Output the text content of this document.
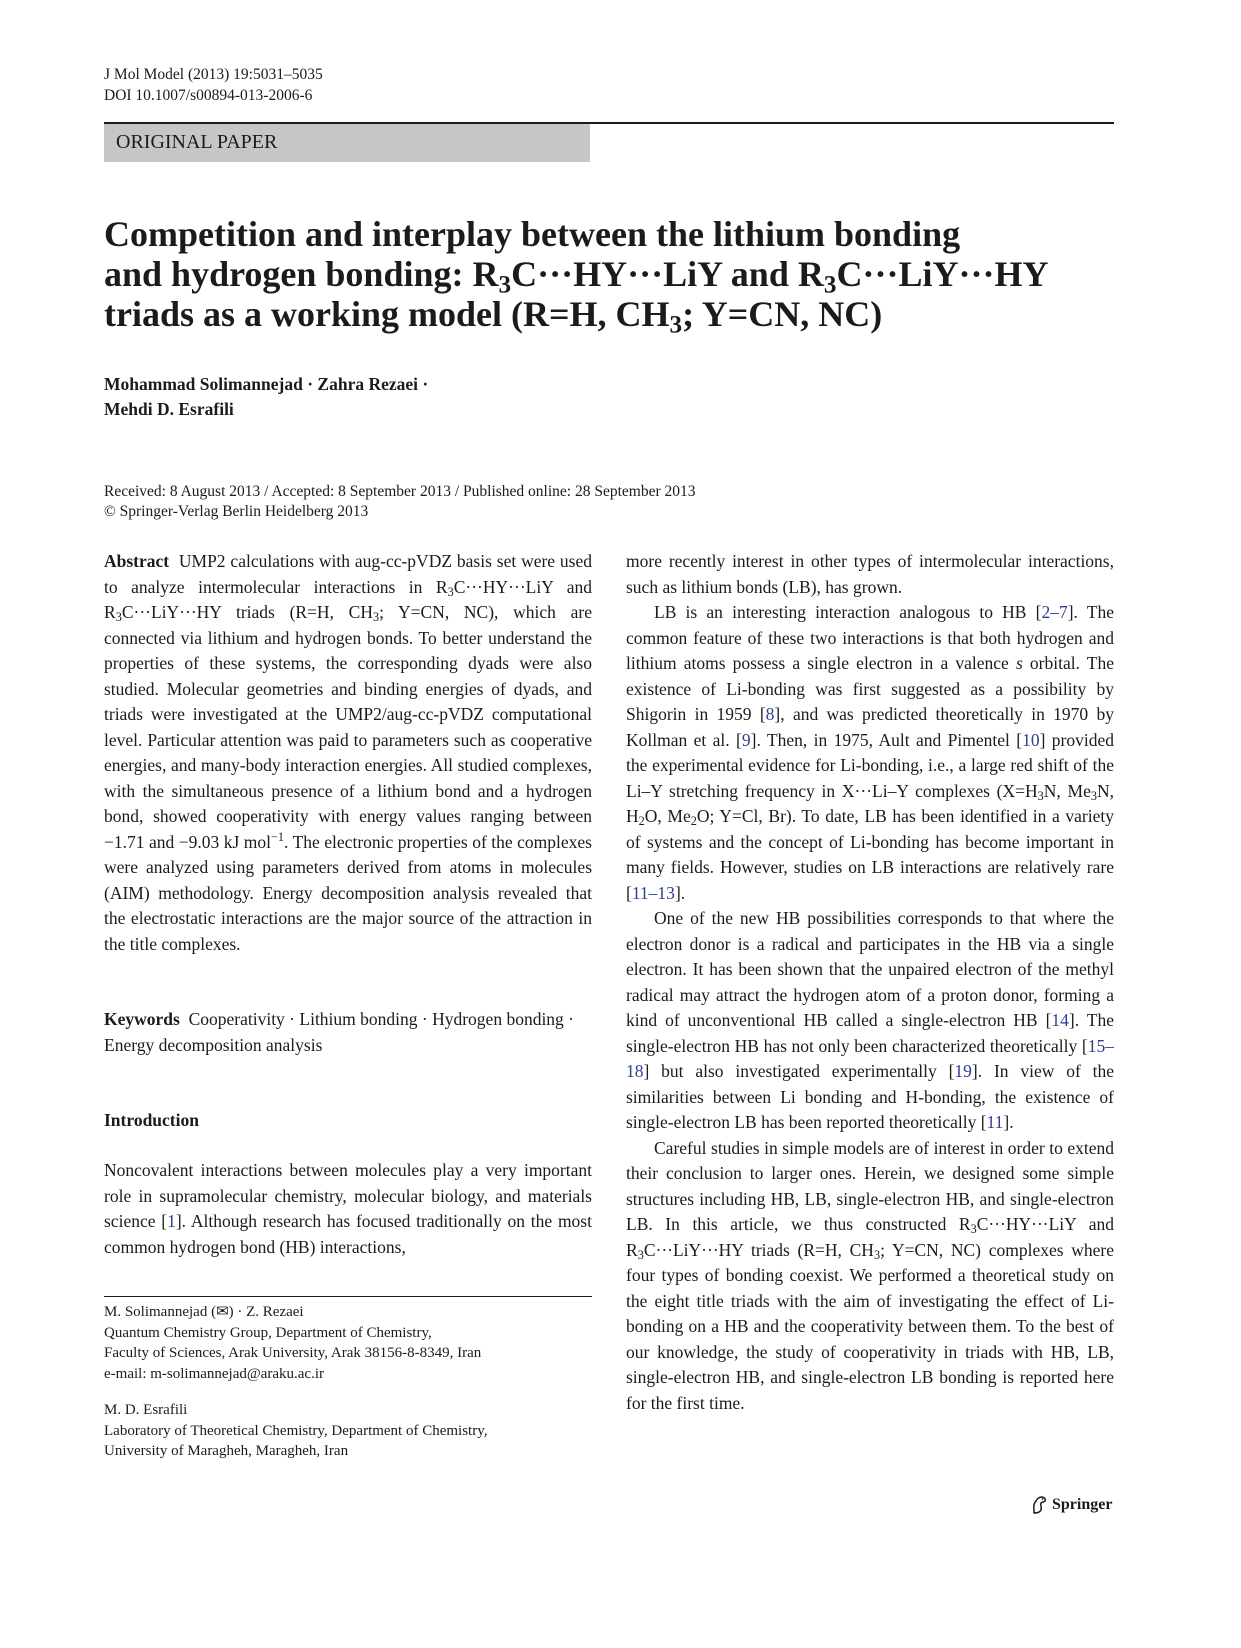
J Mol Model (2013) 19:5031–5035
DOI 10.1007/s00894-013-2006-6
ORIGINAL PAPER
Competition and interplay between the lithium bonding
and hydrogen bonding: $R_3C\cdot\cdot\cdot HY\cdot\cdot\cdot LiY$ and $R_3C\cdot\cdot\cdot LiY\cdot\cdot\cdot HY$
triads as a working model (R=H, $CH_3$; Y=CN, NC)
Mohammad Solimannejad · Zahra Rezaei ·
Mehdi D. Esrafili
Received: 8 August 2013 / Accepted: 8 September 2013 / Published online: 28 September 2013
© Springer-Verlag Berlin Heidelberg 2013

Abstract UMP2 calculations with aug-cc-pVDZ basis set were used to analyze intermolecular interactions in $R_3C\cdot\cdot\cdot HY\cdot\cdot\cdot LiY$ and $R_3C\cdot\cdot\cdot LiY\cdot\cdot\cdot HY$ triads (R=H, $CH_3$; Y=CN, NC), which are connected via lithium and hydrogen bonds. To better understand the properties of these systems, the corresponding dyads were also studied. Molecular geometries and binding energies of dyads, and triads were investigated at the UMP2/aug-cc-pVDZ computational level. Particular attention was paid to parameters such as cooperative energies, and many-body interaction energies. All studied complexes, with the simultaneous presence of a lithium bond and a hydrogen bond, showed cooperativity with energy values ranging between −1.71 and −9.03 kJ mol$^{-1}$. The electronic properties of the complexes were analyzed using parameters derived from atoms in molecules (AIM) methodology. Energy decomposition analysis revealed that the electrostatic interactions are the major source of the attraction in the title complexes.

Keywords Cooperativity · Lithium bonding · Hydrogen bonding · Energy decomposition analysis

Introduction

Noncovalent interactions between molecules play a very important role in supramolecular chemistry, molecular biology, and materials science [1]. Although research has focused traditionally on the most common hydrogen bond (HB) interactions,

M. Solimannejad (✉) · Z. Rezaei
Quantum Chemistry Group, Department of Chemistry,
Faculty of Sciences, Arak University, Arak 38156-8-8349, Iran
e-mail: m-solimannejad@araku.ac.ir
M. D. Esrafili
Laboratory of Theoretical Chemistry, Department of Chemistry,
University of Maragheh, Maragheh, Iran

more recently interest in other types of intermolecular interactions, such as lithium bonds (LB), has grown.

LB is an interesting interaction analogous to HB [2–7]. The common feature of these two interactions is that both hydrogen and lithium atoms possess a single electron in a valence s orbital. The existence of Li-bonding was first suggested as a possibility by Shigorin in 1959 [8], and was predicted theoretically in 1970 by Kollman et al. [9]. Then, in 1975, Ault and Pimentel [10] provided the experimental evidence for Li-bonding, i.e., a large red shift of the Li–Y stretching frequency in X···Li–Y complexes ($X=H_3N$, $Me_3N$, $H_2O$, $Me_2O$; Y=Cl, Br). To date, LB has been identified in a variety of systems and the concept of Li-bonding has become important in many fields. However, studies on LB interactions are relatively rare [11–13].

One of the new HB possibilities corresponds to that where the electron donor is a radical and participates in the HB via a single electron. It has been shown that the unpaired electron of the methyl radical may attract the hydrogen atom of a proton donor, forming a kind of unconventional HB called a single-electron HB [14]. The single-electron HB has not only been characterized theoretically [15–18] but also investigated experimentally [19]. In view of the similarities between Li bonding and H-bonding, the existence of single-electron LB has been reported theoretically [11].

Careful studies in simple models are of interest in order to extend their conclusion to larger ones. Herein, we designed some simple structures including HB, LB, single-electron HB, and single-electron LB. In this article, we thus constructed $R_3C\cdot\cdot\cdot HY\cdot\cdot\cdot LiY$ and $R_3C\cdot\cdot\cdot LiY\cdot\cdot\cdot HY$ triads (R=H, $CH_3$; Y=CN, NC) complexes where four types of bonding coexist. We performed a theoretical study on the eight title triads with the aim of investigating the effect of Li-bonding on a HB and the cooperativity between them. To the best of our knowledge, the study of cooperativity in triads with HB, LB, single-electron HB, and single-electron LB bonding is reported here for the first time.

Springer
